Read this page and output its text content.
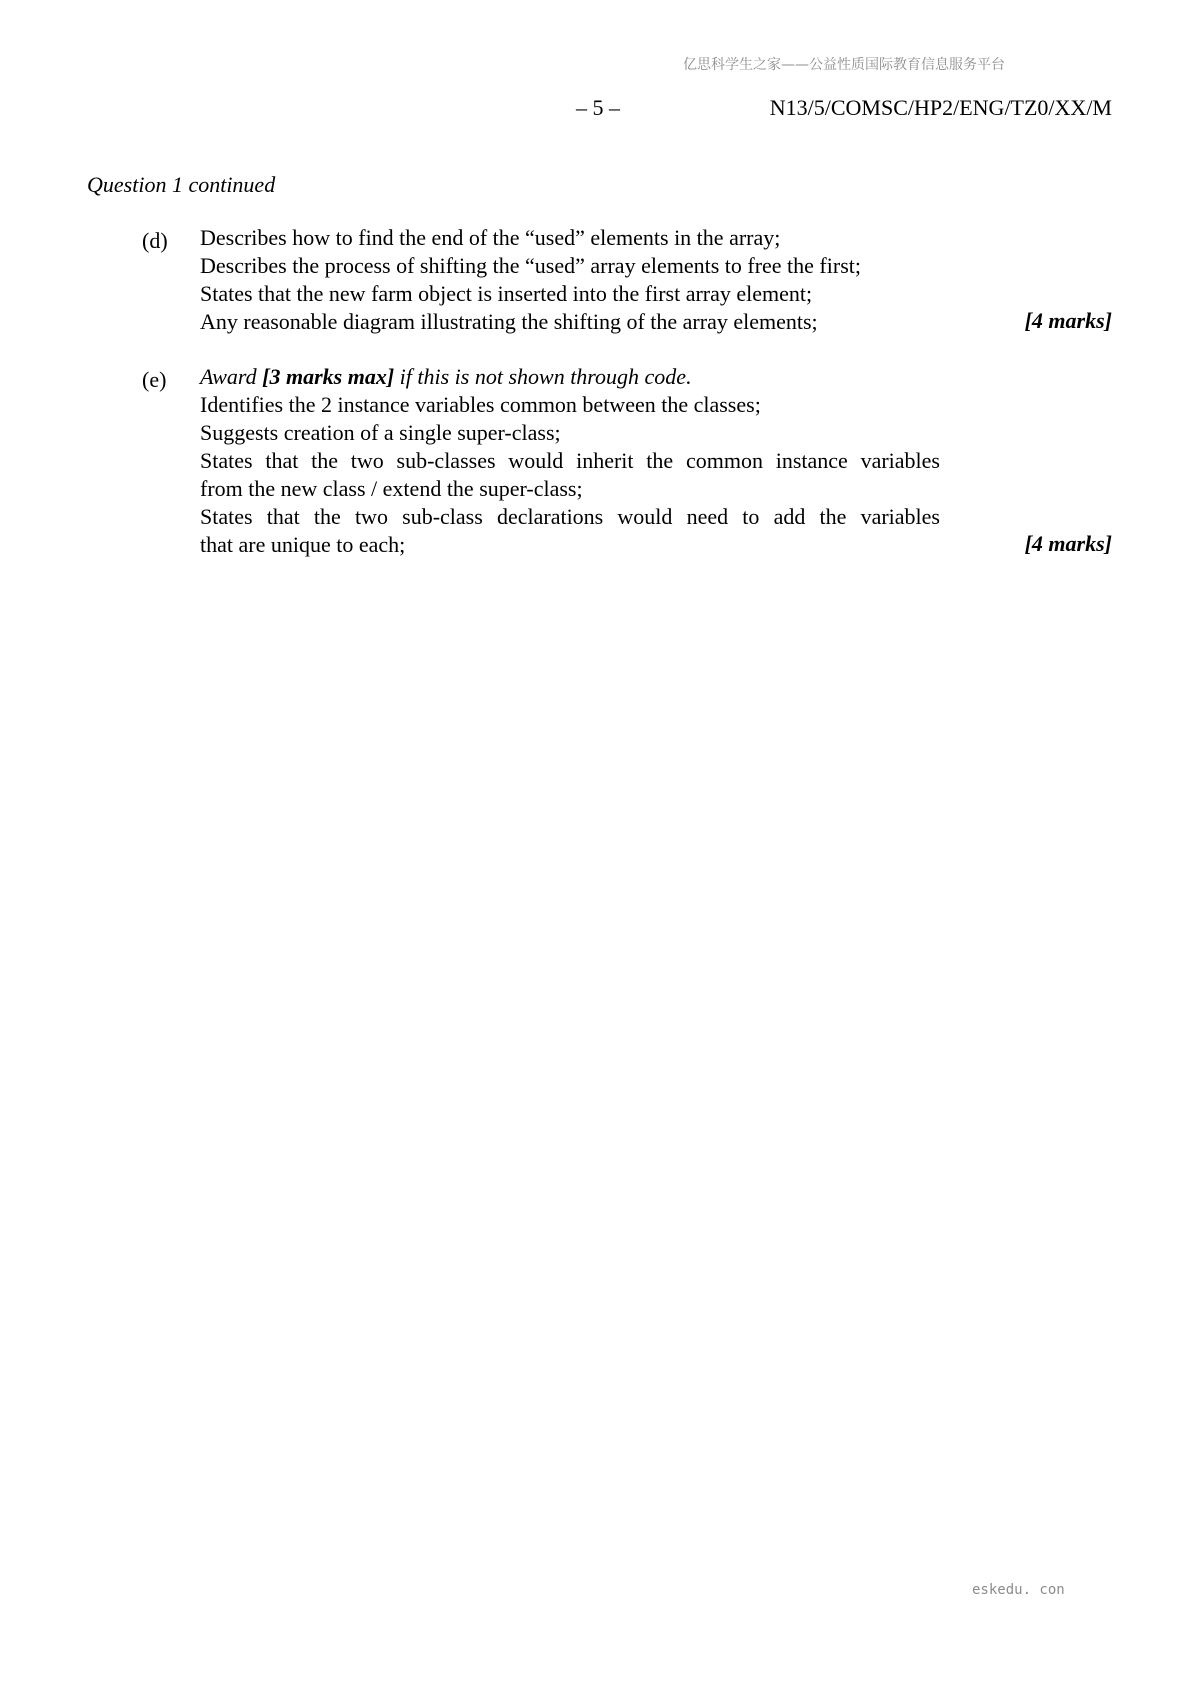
亿思科学生之家——公益性质国际教育信息服务平台
– 5 –	N13/5/COMSC/HP2/ENG/TZ0/XX/M
Question 1 continued
(d) Describes how to find the end of the “used” elements in the array;
Describes the process of shifting the “used” array elements to free the first;
States that the new farm object is inserted into the first array element;
Any reasonable diagram illustrating the shifting of the array elements;	[4 marks]
(e) Award [3 marks max] if this is not shown through code.
Identifies the 2 instance variables common between the classes;
Suggests creation of a single super-class;
States that the two sub-classes would inherit the common instance variables
from the new class / extend the super-class;
States that the two sub-class declarations would need to add the variables
that are unique to each;	[4 marks]
eskedu. con
